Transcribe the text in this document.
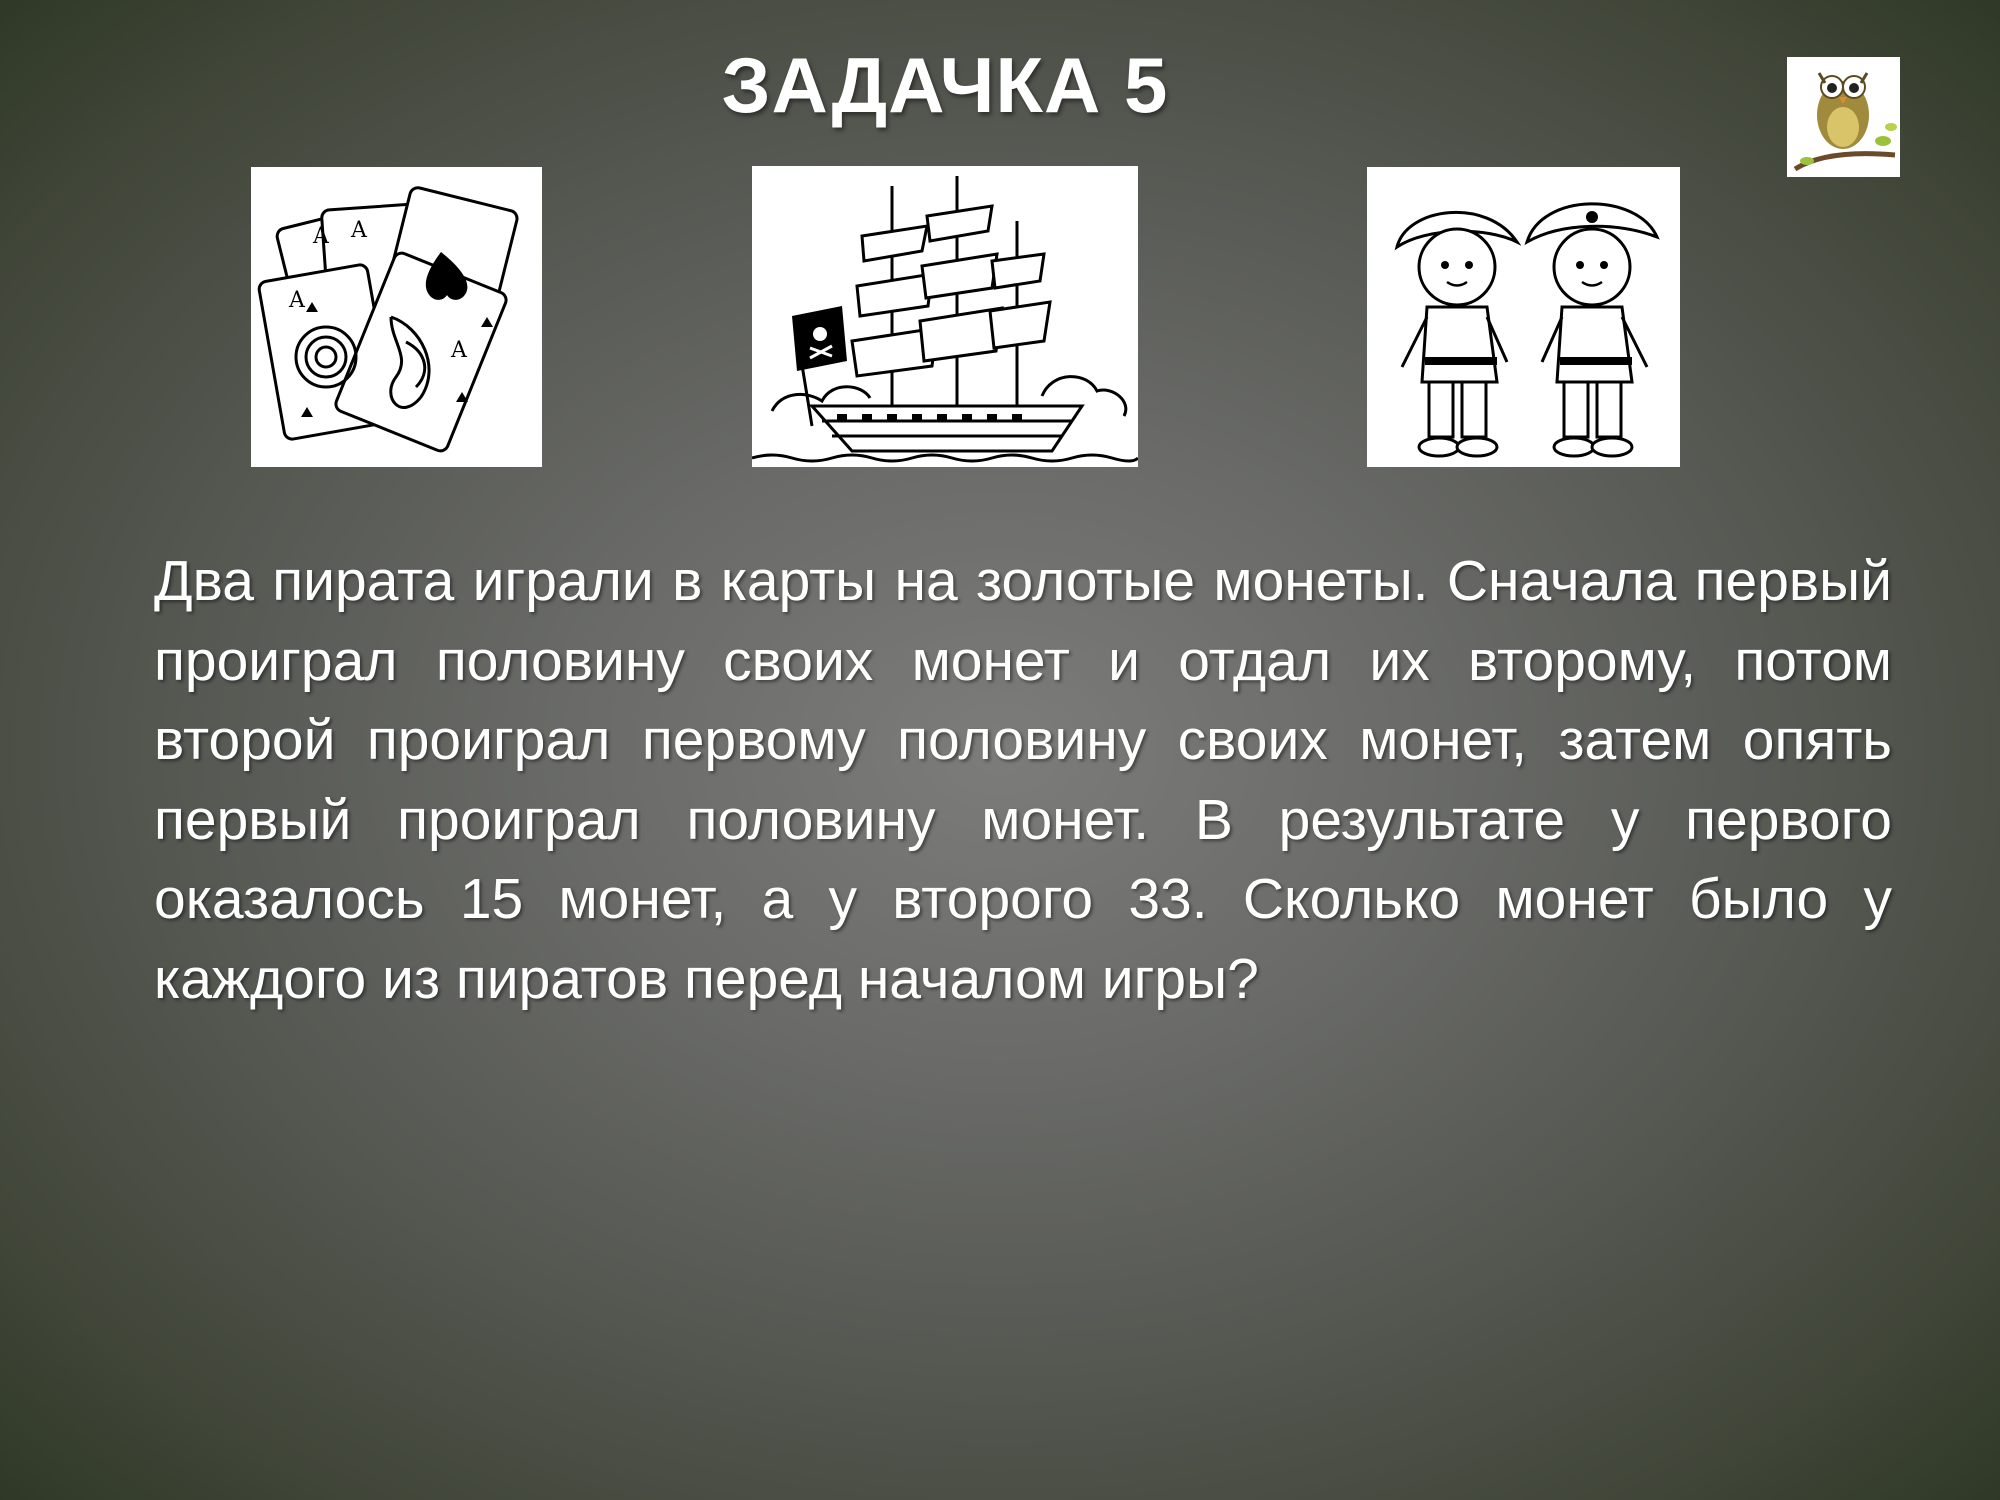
ЗАДАЧКА 5
A A
A
A
Два пирата играли в карты на золотые монеты. Сначала первый проиграл половину своих монет и отдал их второму, потом второй проиграл первому половину своих монет, затем опять первый проиграл половину монет. В результате у первого оказалось 15 монет, а у второго 33. Сколько монет было у каждого из пиратов перед началом игры?
